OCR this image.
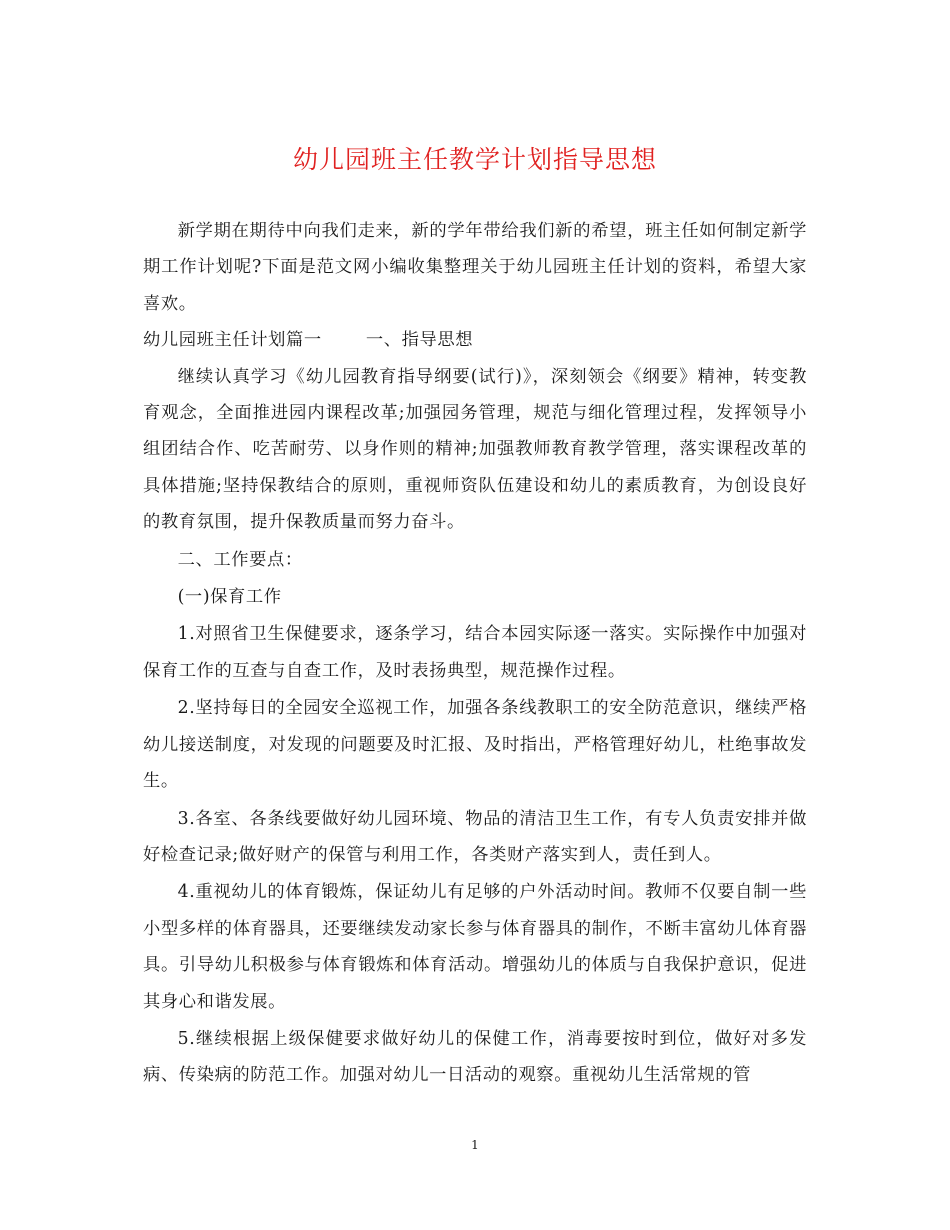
幼儿园班主任教学计划指导思想

新学期在期待中向我们走来，新的学年带给我们新的希望，班主任如何制定新学期工作计划呢?下面是范文网小编收集整理关于幼儿园班主任计划的资料，希望大家喜欢。

幼儿园班主任计划篇一	一、指导思想

继续认真学习《幼儿园教育指导纲要(试行)》，深刻领会《纲要》精神，转变教育观念，全面推进园内课程改革;加强园务管理，规范与细化管理过程，发挥领导小组团结合作、吃苦耐劳、以身作则的精神;加强教师教育教学管理，落实课程改革的具体措施;坚持保教结合的原则，重视师资队伍建设和幼儿的素质教育，为创设良好的教育氛围，提升保教质量而努力奋斗。

二、工作要点：

(一)保育工作

1.对照省卫生保健要求，逐条学习，结合本园实际逐一落实。实际操作中加强对保育工作的互查与自查工作，及时表扬典型，规范操作过程。

2.坚持每日的全园安全巡视工作，加强各条线教职工的安全防范意识，继续严格幼儿接送制度，对发现的问题要及时汇报、及时指出，严格管理好幼儿，杜绝事故发生。

3.各室、各条线要做好幼儿园环境、物品的清洁卫生工作，有专人负责安排并做好检查记录;做好财产的保管与利用工作，各类财产落实到人，责任到人。

4.重视幼儿的体育锻炼，保证幼儿有足够的户外活动时间。教师不仅要自制一些小型多样的体育器具，还要继续发动家长参与体育器具的制作，不断丰富幼儿体育器具。引导幼儿积极参与体育锻炼和体育活动。增强幼儿的体质与自我保护意识，促进其身心和谐发展。

5.继续根据上级保健要求做好幼儿的保健工作，消毒要按时到位，做好对多发病、传染病的防范工作。加强对幼儿一日活动的观察。重视幼儿生活常规的管

1
